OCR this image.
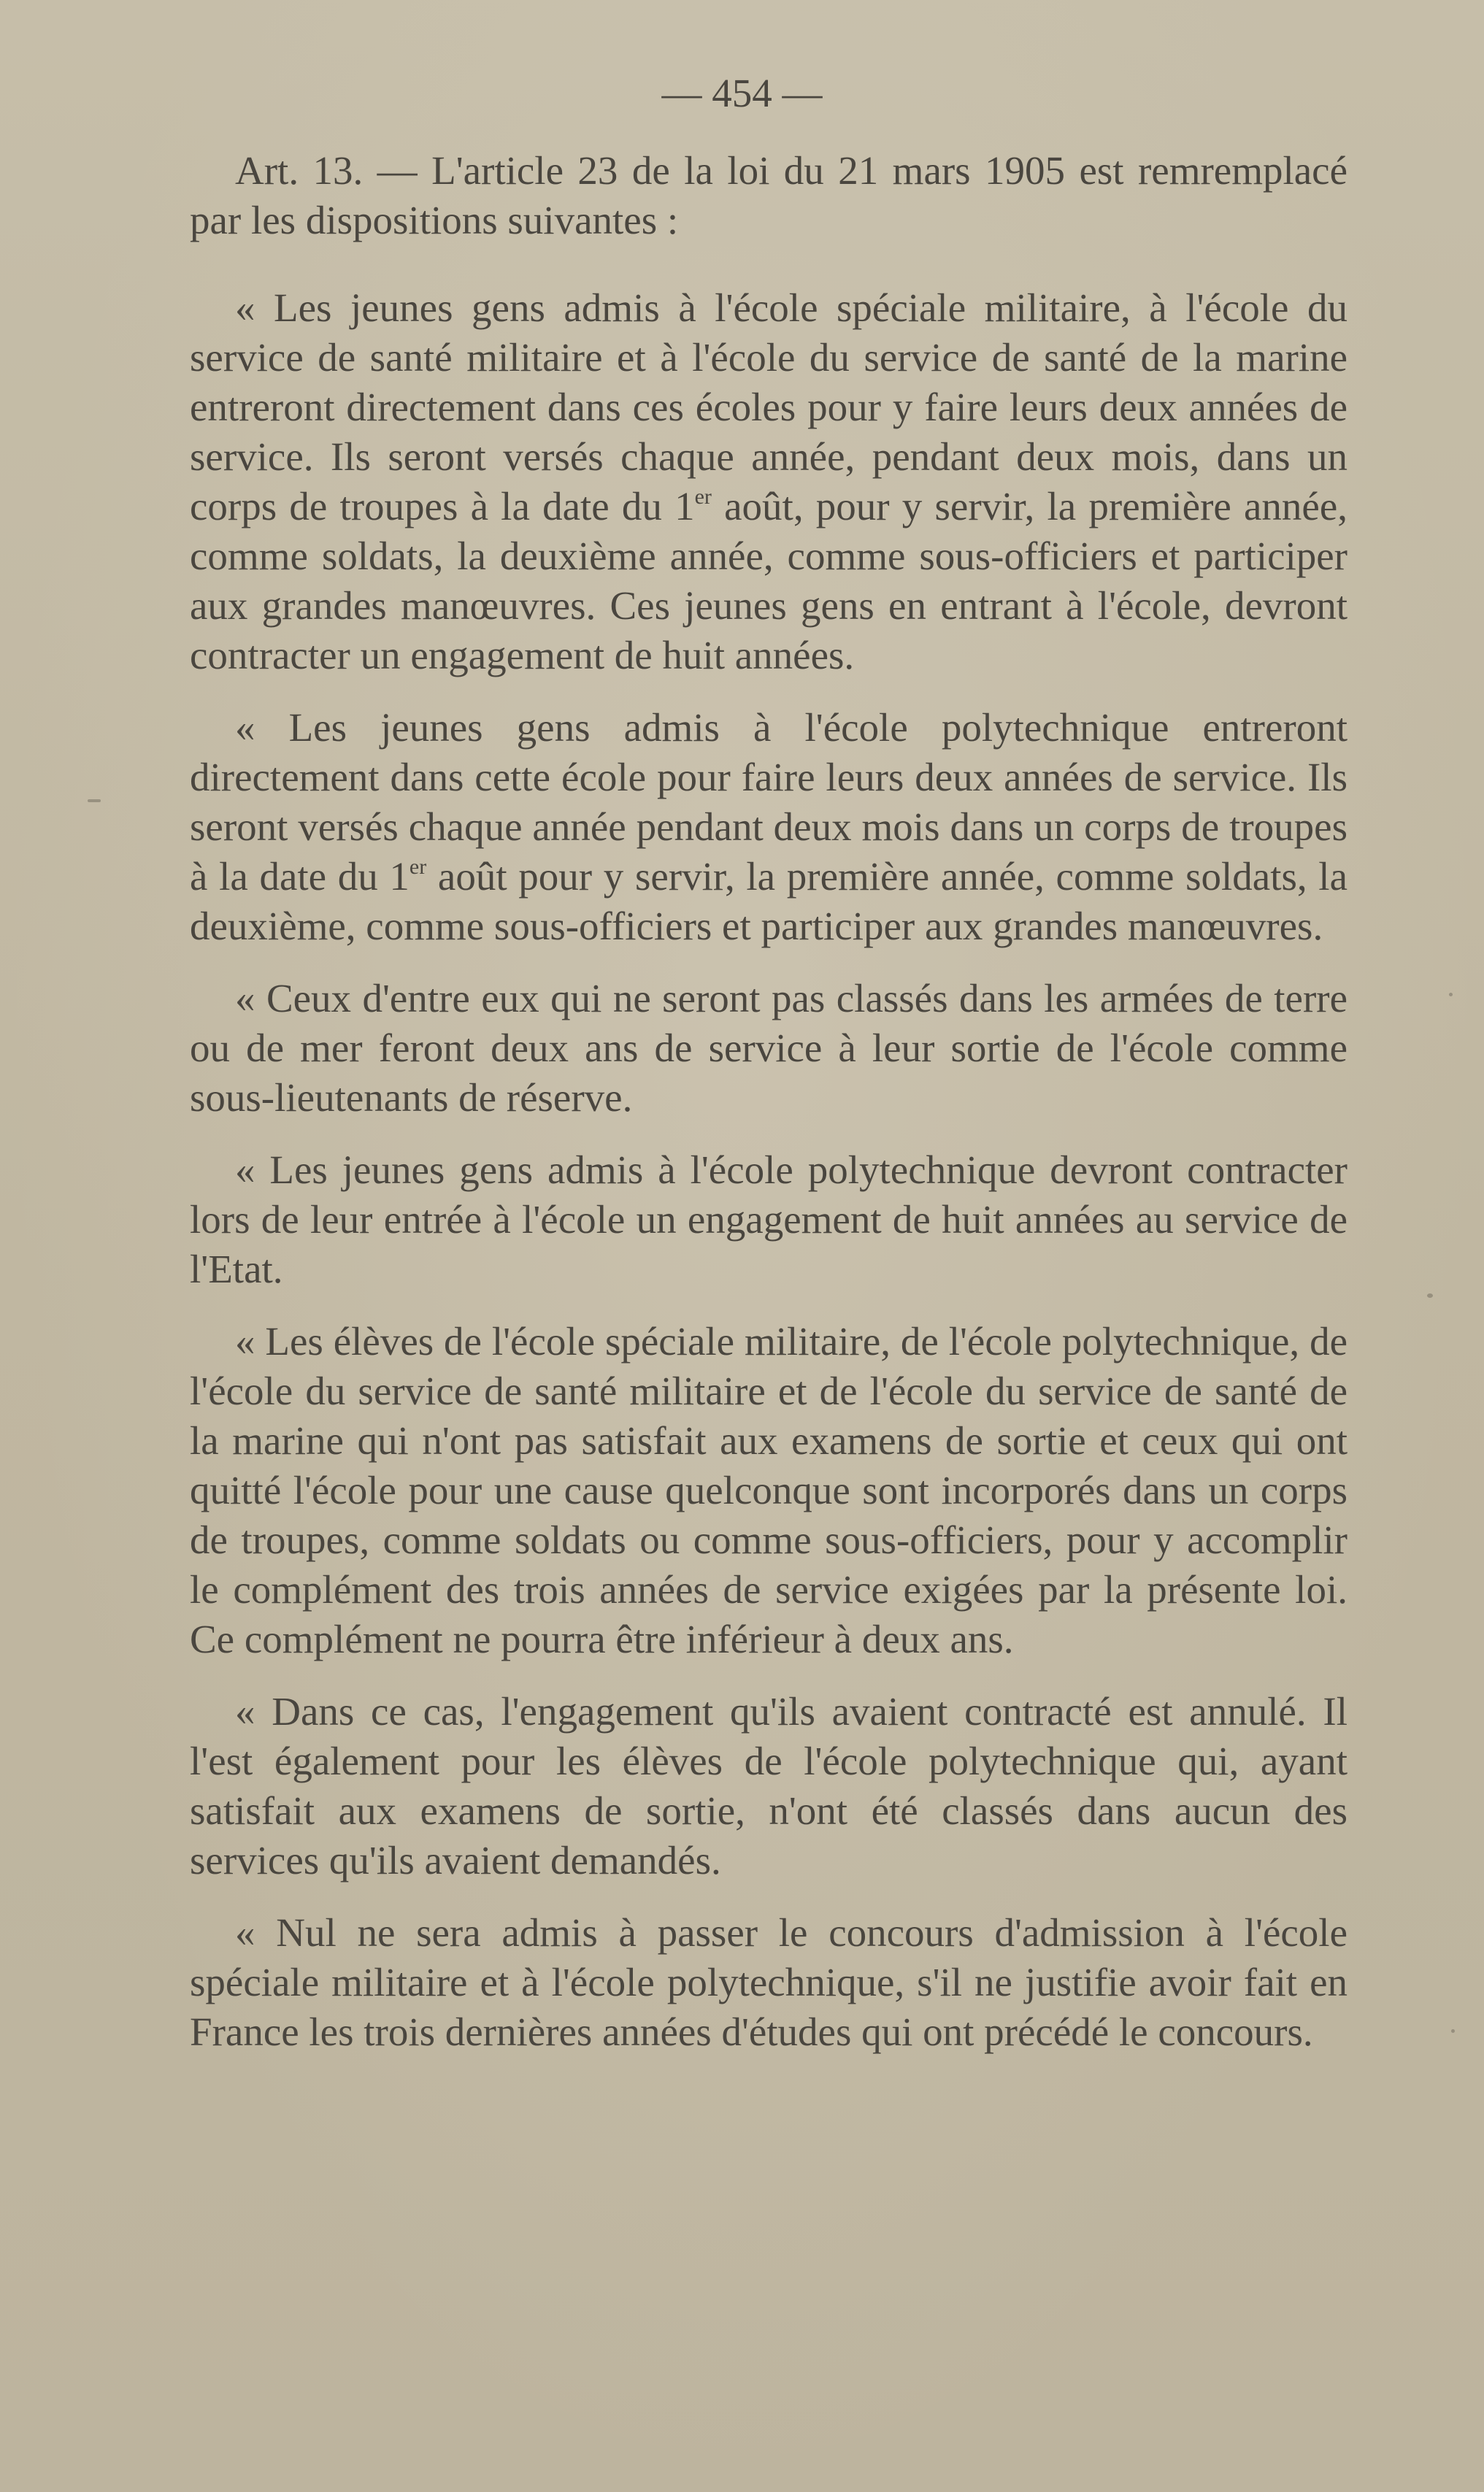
— 454 —

Art. 13. — L'article 23 de la loi du 21 mars 1905 est remremplacé par les dispositions suivantes :

« Les jeunes gens admis à l'école spéciale militaire, à l'école du service de santé militaire et à l'école du service de santé de la marine entreront directement dans ces écoles pour y faire leurs deux années de service. Ils seront versés chaque année, pendant deux mois, dans un corps de troupes à la date du 1er août, pour y servir, la première année, comme soldats, la deuxième année, comme sous-officiers et participer aux grandes manœuvres. Ces jeunes gens en entrant à l'école, devront contracter un engagement de huit années.

« Les jeunes gens admis à l'école polytechnique entreront directement dans cette école pour faire leurs deux années de service. Ils seront versés chaque année pendant deux mois dans un corps de troupes à la date du 1er août pour y servir, la première année, comme soldats, la deuxième, comme sous-officiers et participer aux grandes manœuvres.

« Ceux d'entre eux qui ne seront pas classés dans les armées de terre ou de mer feront deux ans de service à leur sortie de l'école comme sous-lieutenants de réserve.

« Les jeunes gens admis à l'école polytechnique devront contracter lors de leur entrée à l'école un engagement de huit années au service de l'Etat.

« Les élèves de l'école spéciale militaire, de l'école polytechnique, de l'école du service de santé militaire et de l'école du service de santé de la marine qui n'ont pas satisfait aux examens de sortie et ceux qui ont quitté l'école pour une cause quelconque sont incorporés dans un corps de troupes, comme soldats ou comme sous-officiers, pour y accomplir le complément des trois années de service exigées par la présente loi. Ce complément ne pourra être inférieur à deux ans.

« Dans ce cas, l'engagement qu'ils avaient contracté est annulé. Il l'est également pour les élèves de l'école polytechnique qui, ayant satisfait aux examens de sortie, n'ont été classés dans aucun des services qu'ils avaient demandés.

« Nul ne sera admis à passer le concours d'admission à l'école spéciale militaire et à l'école polytechnique, s'il ne justifie avoir fait en France les trois dernières années d'études qui ont précédé le concours.
